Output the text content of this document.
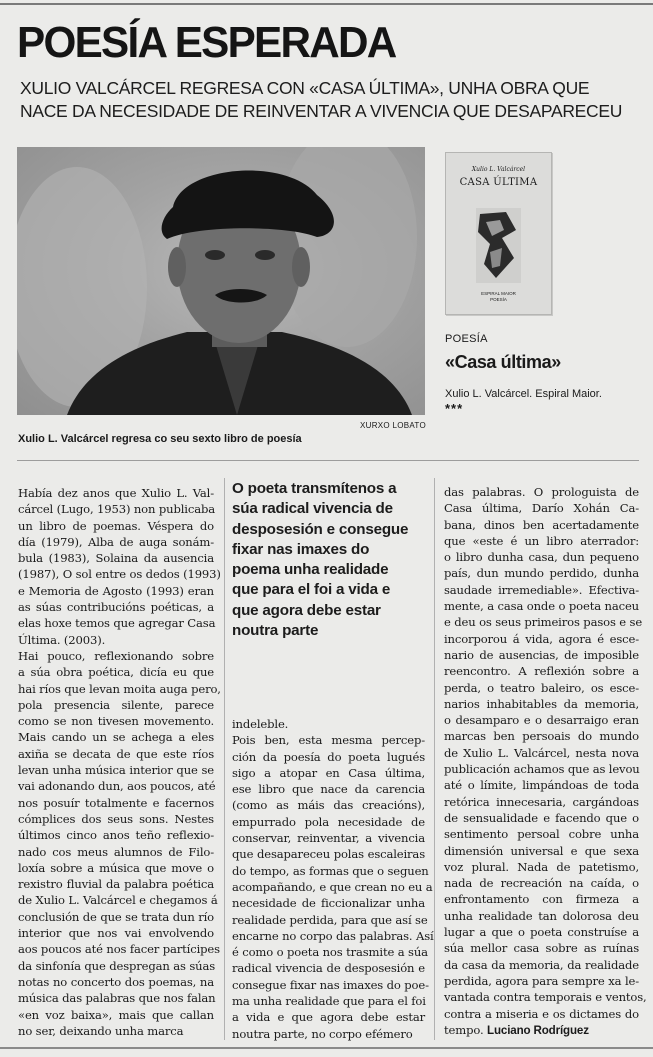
POESÍA ESPERADA
XULIO VALCÁRCEL REGRESA CON «CASA ÚLTIMA», UNHA OBRA QUE
NACE DA NECESIDADE DE REINVENTAR A VIVENCIA QUE DESAPARECEU
XURXO LOBATO
Xulio L. Valcárcel regresa co seu sexto libro de poesía
Xulio L. Valcárcel
CASA ÚLTIMA
ESPIRAL MAIOR
POESÍA
POESÍA
«Casa última»
Xulio L. Valcárcel. Espiral Maior.
***
O poeta transmítenos a
súa radical vivencia de
desposesión e consegue
fixar nas imaxes do
poema unha realidade
que para el foi a vida e
que agora debe estar
noutra parte
Había dez anos que Xulio L. Val-
cárcel (Lugo, 1953) non publicaba
un libro de poemas. Véspera do
día (1979), Alba de auga sonám-
bula (1983), Solaina da ausencia
(1987), O sol entre os dedos (1993)
e Memoria de Agosto (1993) eran
as súas contribucións poéticas, a
elas hoxe temos que agregar Casa
Última. (2003).
Hai pouco, reflexionando sobre
a súa obra poética, dicía eu que
hai ríos que levan moita auga pero,
pola presencia silente, parece
como se non tivesen movemento.
Mais cando un se achega a eles
axiña se decata de que este ríos
levan unha música interior que se
vai adonando dun, aos poucos, até
nos posuír totalmente e facernos
cómplices dos seus sons. Nestes
últimos cinco anos teño reflexio-
nado cos meus alumnos de Filo-
loxía sobre a música que move o
rexistro fluvial da palabra poética
de Xulio L. Valcárcel e chegamos á
conclusión de que se trata dun río
interior que nos vai envolvendo
aos poucos até nos facer partícipes
da sinfonía que despregan as súas
notas no concerto dos poemas, na
música das palabras que nos falan
«en voz baixa», mais que callan
no ser, deixando unha marca
indeleble.
Pois ben, esta mesma percep-
ción da poesía do poeta lugués
sigo a atopar en Casa última,
ese libro que nace da carencia
(como as máis das creacións),
empurrado pola necesidade de
conservar, reinventar, a vivencia
que desapareceu polas escaleiras
do tempo, as formas que o seguen
acompañando, e que crean no eu a
necesidade de ficcionalizar unha
realidade perdida, para que así se
encarne no corpo das palabras. Así
é como o poeta nos trasmite a súa
radical vivencia de desposesión e
consegue fixar nas imaxes do poe-
ma unha realidade que para el foi
a vida e que agora debe estar
noutra parte, no corpo efémero
das palabras. O prologuista de
Casa última, Darío Xohán Ca-
bana, dinos ben acertadamente
que «este é un libro aterrador:
o libro dunha casa, dun pequeno
país, dun mundo perdido, dunha
saudade irremediable». Efectiva-
mente, a casa onde o poeta naceu
e deu os seus primeiros pasos e se
incorporou á vida, agora é esce-
nario de ausencias, de imposible
reencontro. A reflexión sobre a
perda, o teatro baleiro, os esce-
narios inhabitables da memoria,
o desamparo e o desarraigo eran
marcas ben persoais do mundo
de Xulio L. Valcárcel, nesta nova
publicación achamos que as levou
até o límite, limpándoas de toda
retórica innecesaria, cargándoas
de sensualidade e facendo que o
sentimento persoal cobre unha
dimensión universal e que sexa
voz plural. Nada de patetismo,
nada de recreación na caída, o
enfrontamento con firmeza a
unha realidade tan dolorosa deu
lugar a que o poeta construíse a
súa mellor casa sobre as ruínas
da casa da memoria, da realidade
perdida, agora para sempre xa le-
vantada contra temporais e ventos,
contra a miseria e os dictames do
tempo. Luciano Rodríguez
